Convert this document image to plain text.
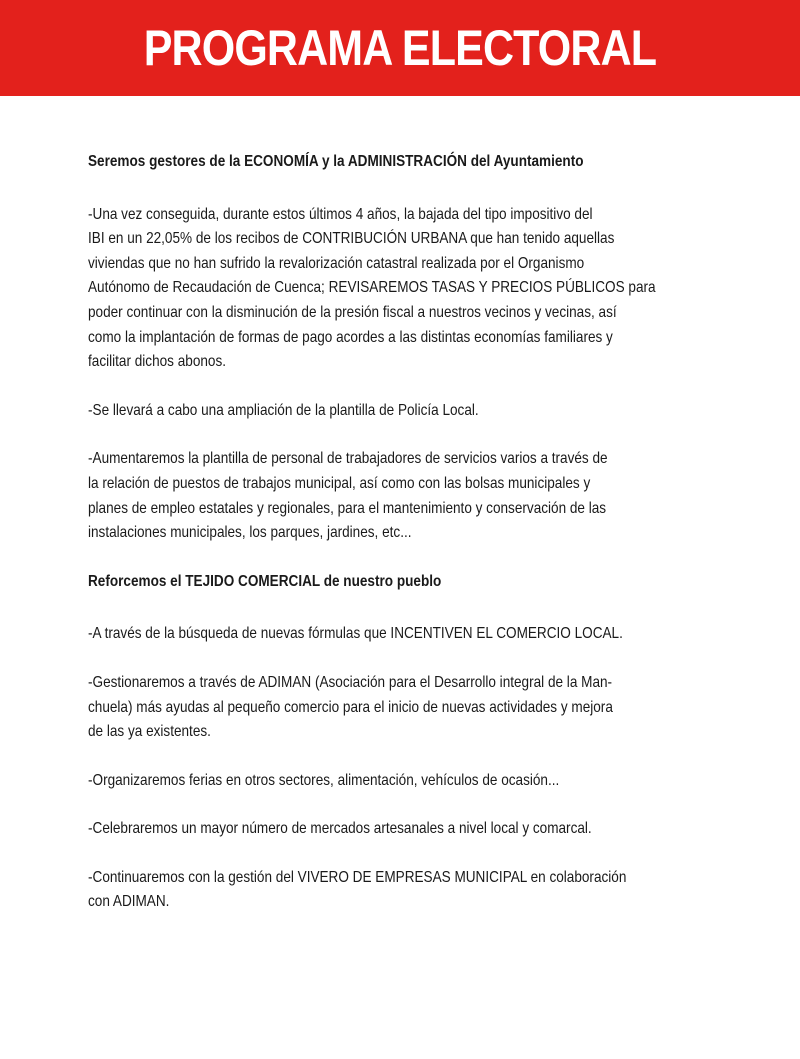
PROGRAMA ELECTORAL
Seremos gestores de la ECONOMÍA y la ADMINISTRACIÓN del Ayuntamiento
-Una vez conseguida, durante estos últimos 4 años, la bajada del tipo impositivo del
IBI en un 22,05% de los recibos de CONTRIBUCIÓN URBANA que han tenido aquellas
viviendas que no han sufrido la revalorización catastral realizada por el Organismo
Autónomo de Recaudación de Cuenca; REVISAREMOS TASAS Y PRECIOS PÚBLICOS para
poder continuar con la disminución de la presión fiscal a nuestros vecinos y vecinas, así
como la implantación de formas de pago acordes a las distintas economías familiares y
facilitar dichos abonos.
-Se llevará a cabo una ampliación de la plantilla de Policía Local.
-Aumentaremos la plantilla de personal de trabajadores de servicios varios a través de
la relación de puestos de trabajos municipal, así como con las bolsas municipales y
planes de empleo estatales y regionales, para el mantenimiento y conservación de las
instalaciones municipales, los parques, jardines, etc...
Reforcemos el TEJIDO COMERCIAL de nuestro pueblo
-A través de la búsqueda de nuevas fórmulas que INCENTIVEN EL COMERCIO LOCAL.
-Gestionaremos a través de ADIMAN (Asociación para el Desarrollo integral de la Man-
chuela) más ayudas al pequeño comercio para el inicio de nuevas actividades y mejora
de las ya existentes.
-Organizaremos ferias en otros sectores, alimentación, vehículos de ocasión...
-Celebraremos un mayor número de mercados artesanales a nivel local y comarcal.
-Continuaremos con la gestión del VIVERO DE EMPRESAS MUNICIPAL en colaboración
con ADIMAN.
